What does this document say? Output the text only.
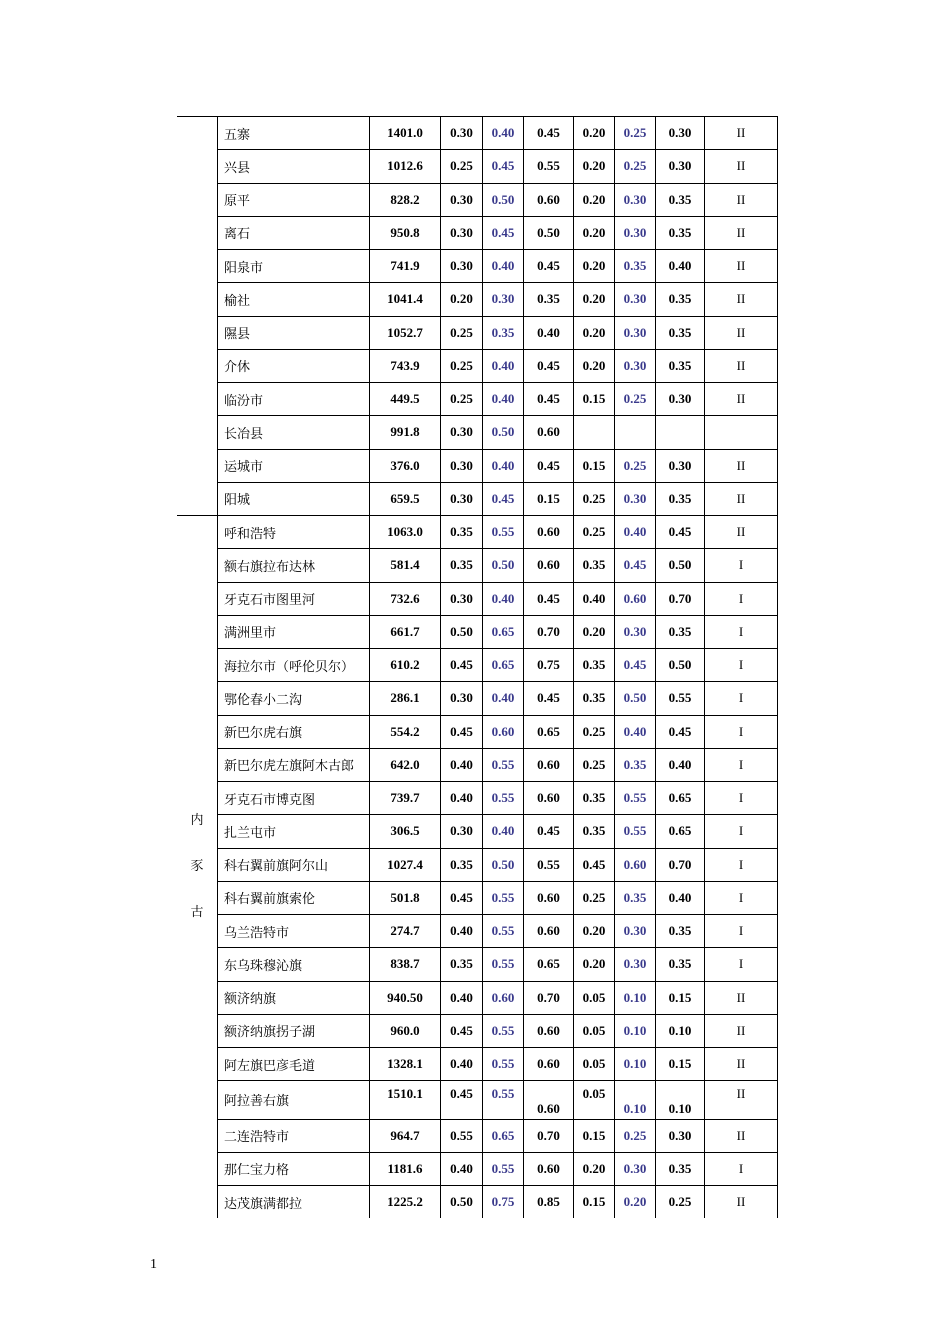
	五寨	1401.0	0.30	0.40	0.45	0.20	0.25	0.30	II
	兴县	1012.6	0.25	0.45	0.55	0.20	0.25	0.30	II
	原平	828.2	0.30	0.50	0.60	0.20	0.30	0.35	II
	离石	950.8	0.30	0.45	0.50	0.20	0.30	0.35	II
	阳泉市	741.9	0.30	0.40	0.45	0.20	0.35	0.40	II
	榆社	1041.4	0.20	0.30	0.35	0.20	0.30	0.35	II
	隰县	1052.7	0.25	0.35	0.40	0.20	0.30	0.35	II
	介休	743.9	0.25	0.40	0.45	0.20	0.30	0.35	II
	临汾市	449.5	0.25	0.40	0.45	0.15	0.25	0.30	II
	长冶县	991.8	0.30	0.50	0.60				
	运城市	376.0	0.30	0.40	0.45	0.15	0.25	0.30	II
	阳城	659.5	0.30	0.45	0.15	0.25	0.30	0.35	II

内
豕
古	呼和浩特	1063.0	0.35	0.55	0.60	0.25	0.40	0.45	II
	额右旗拉布达林	581.4	0.35	0.50	0.60	0.35	0.45	0.50	I
	牙克石市图里河	732.6	0.30	0.40	0.45	0.40	0.60	0.70	I
	满洲里市	661.7	0.50	0.65	0.70	0.20	0.30	0.35	I
	海拉尔市（呼伦贝尔）	610.2	0.45	0.65	0.75	0.35	0.45	0.50	I
	鄂伦春小二沟	286.1	0.30	0.40	0.45	0.35	0.50	0.55	I
	新巴尔虎右旗	554.2	0.45	0.60	0.65	0.25	0.40	0.45	I
	新巴尔虎左旗阿木古郎	642.0	0.40	0.55	0.60	0.25	0.35	0.40	I
	牙克石市博克图	739.7	0.40	0.55	0.60	0.35	0.55	0.65	I
	扎兰屯市	306.5	0.30	0.40	0.45	0.35	0.55	0.65	I
	科右翼前旗阿尔山	1027.4	0.35	0.50	0.55	0.45	0.60	0.70	I
	科右翼前旗索伦	501.8	0.45	0.55	0.60	0.25	0.35	0.40	I
	乌兰浩特市	274.7	0.40	0.55	0.60	0.20	0.30	0.35	I
	东乌珠穆沁旗	838.7	0.35	0.55	0.65	0.20	0.30	0.35	I
	额济纳旗	940.50	0.40	0.60	0.70	0.05	0.10	0.15	II
	额济纳旗拐子湖	960.0	0.45	0.55	0.60	0.05	0.10	0.10	II
	阿左旗巴彦毛道	1328.1	0.40	0.55	0.60	0.05	0.10	0.15	II
	阿拉善右旗	1510.1	0.45	0.55	0.60	0.05	0.10	0.10	II
	二连浩特市	964.7	0.55	0.65	0.70	0.15	0.25	0.30	II
	那仁宝力格	1181.6	0.40	0.55	0.60	0.20	0.30	0.35	I
	达茂旗满都拉	1225.2	0.50	0.75	0.85	0.15	0.20	0.25	II
1
